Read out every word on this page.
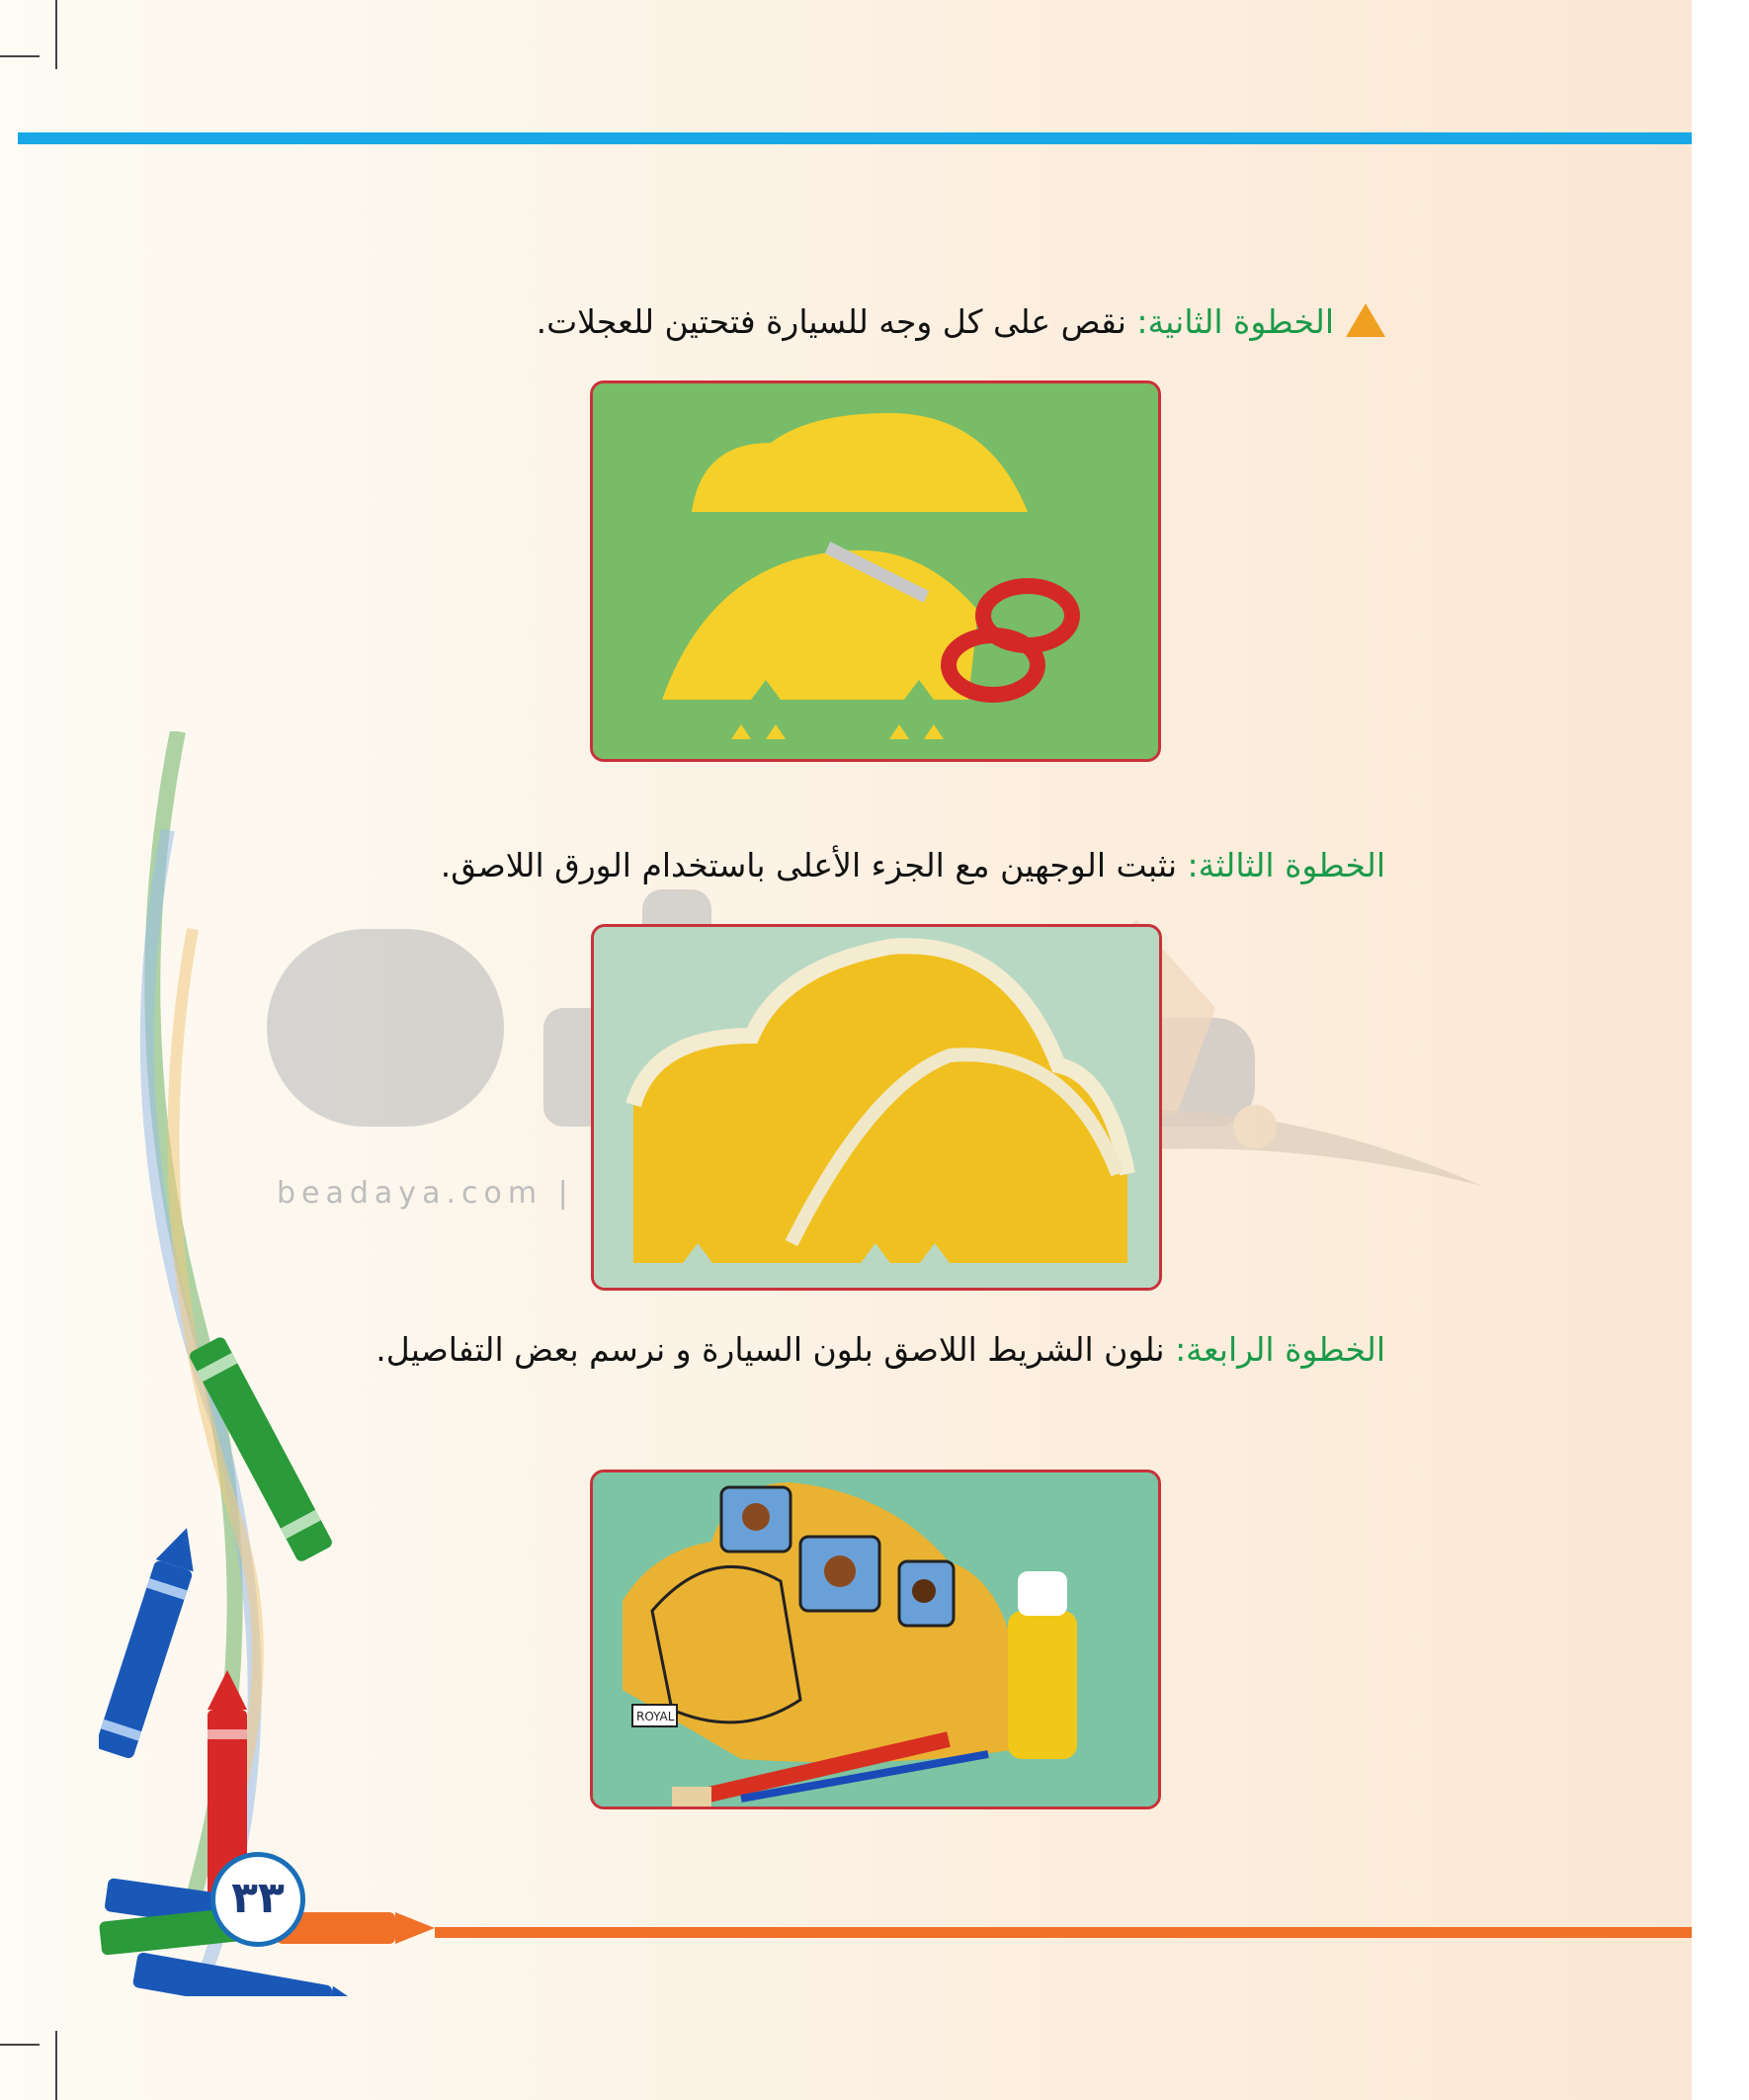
beadaya.com |
٣٣
الخطوة الثانية: نقص على كل وجه للسيارة فتحتين للعجلات.
الخطوة الثالثة: نثبت الوجهين مع الجزء الأعلى باستخدام الورق اللاصق.
الخطوة الرابعة: نلون الشريط اللاصق بلون السيارة و نرسم بعض التفاصيل.
ROYAL
